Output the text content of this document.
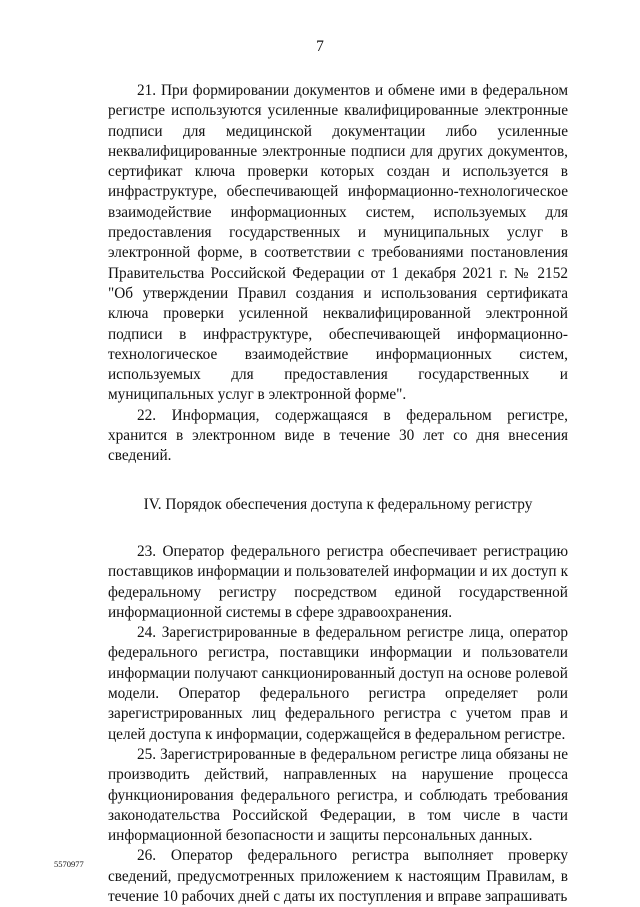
7

21. При формировании документов и обмене ими в федеральном регистре используются усиленные квалифицированные электронные подписи для медицинской документации либо усиленные неквалифицированные электронные подписи для других документов, сертификат ключа проверки которых создан и используется в инфраструктуре, обеспечивающей информационно-технологическое взаимодействие информационных систем, используемых для предоставления государственных и муниципальных услуг в электронной форме, в соответствии с требованиями постановления Правительства Российской Федерации от 1 декабря 2021 г. № 2152 "Об утверждении Правил создания и использования сертификата ключа проверки усиленной неквалифицированной электронной подписи в инфраструктуре, обеспечивающей информационно-технологическое взаимодействие информационных систем, используемых для предоставления государственных и муниципальных услуг в электронной форме".

22. Информация, содержащаяся в федеральном регистре, хранится в электронном виде в течение 30 лет со дня внесения сведений.

IV. Порядок обеспечения доступа к федеральному регистру

23. Оператор федерального регистра обеспечивает регистрацию поставщиков информации и пользователей информации и их доступ к федеральному регистру посредством единой государственной информационной системы в сфере здравоохранения.

24. Зарегистрированные в федеральном регистре лица, оператор федерального регистра, поставщики информации и пользователи информации получают санкционированный доступ на основе ролевой модели. Оператор федерального регистра определяет роли зарегистрированных лиц федерального регистра с учетом прав и целей доступа к информации, содержащейся в федеральном регистре.

25. Зарегистрированные в федеральном регистре лица обязаны не производить действий, направленных на нарушение процесса функционирования федерального регистра, и соблюдать требования законодательства Российской Федерации, в том числе в части информационной безопасности и защиты персональных данных.

26. Оператор федерального регистра выполняет проверку сведений, предусмотренных приложением к настоящим Правилам, в течение 10 рабочих дней с даты их поступления и вправе запрашивать

5570977
